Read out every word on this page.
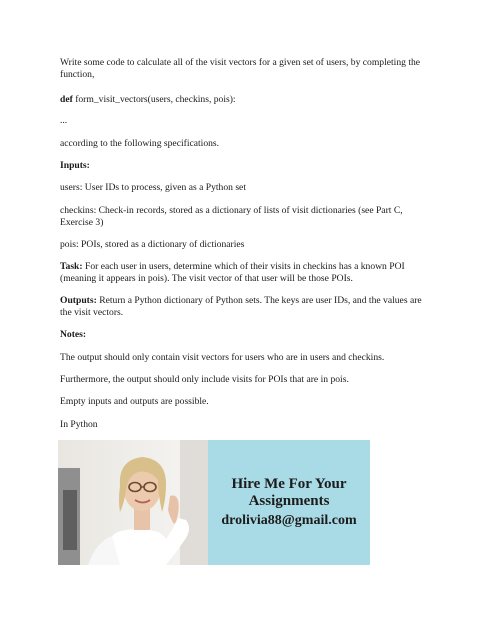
Write some code to calculate all of the visit vectors for a given set of users, by completing the function,

def form_visit_vectors(users, checkins, pois):

...

according to the following specifications.

Inputs:

users: User IDs to process, given as a Python set

checkins: Check-in records, stored as a dictionary of lists of visit dictionaries (see Part C, Exercise 3)

pois: POIs, stored as a dictionary of dictionaries

Task: For each user in users, determine which of their visits in checkins has a known POI (meaning it appears in pois). The visit vector of that user will be those POIs.

Outputs: Return a Python dictionary of Python sets. The keys are user IDs, and the values are the visit vectors.

Notes:

The output should only contain visit vectors for users who are in users and checkins.

Furthermore, the output should only include visits for POIs that are in pois.

Empty inputs and outputs are possible.

In Python

Hire Me For Your
Assignments
drolivia88@gmail.com
